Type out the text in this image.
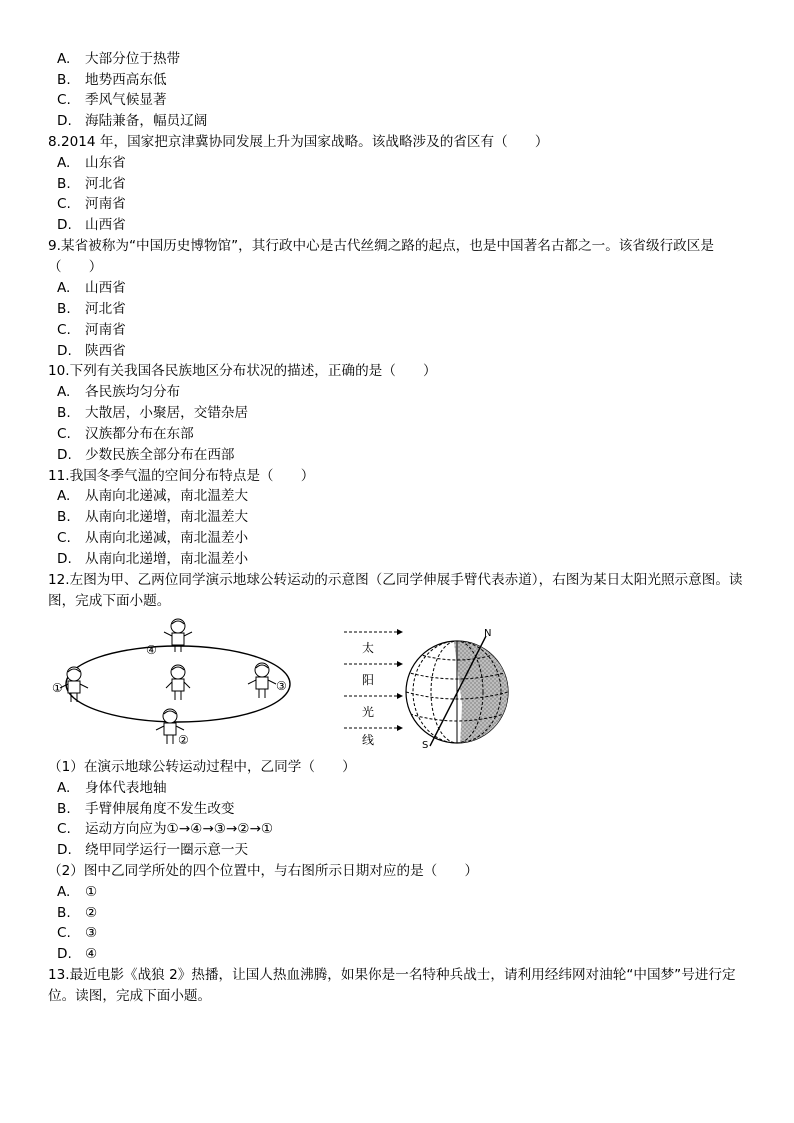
A. 大部分位于热带
B. 地势西高东低
C. 季风气候显著
D. 海陆兼备，幅员辽阔
8.2014 年，国家把京津冀协同发展上升为国家战略。该战略涉及的省区有（　　）
A. 山东省
B. 河北省
C. 河南省
D. 山西省
9.某省被称为“中国历史博物馆”，其行政中心是古代丝绸之路的起点，也是中国著名古都之一。该省级行政区是（　　）
A. 山西省
B. 河北省
C. 河南省
D. 陕西省
10.下列有关我国各民族地区分布状况的描述，正确的是（　　）
A. 各民族均匀分布
B. 大散居，小聚居，交错杂居
C. 汉族都分布在东部
D. 少数民族全部分布在西部
11.我国冬季气温的空间分布特点是（　　）
A. 从南向北递减，南北温差大
B. 从南向北递增，南北温差大
C. 从南向北递减，南北温差小
D. 从南向北递增，南北温差小
12.左图为甲、乙两位同学演示地球公转运动的示意图（乙同学伸展手臂代表赤道），右图为某日太阳光照示意图。读图，完成下面小题。
①
②
③
④	太
阳
光
线
N
S
（1）在演示地球公转运动过程中，乙同学（　　）
A. 身体代表地轴
B. 手臂伸展角度不发生改变
C. 运动方向应为①→④→③→②→①
D. 绕甲同学运行一圈示意一天
（2）图中乙同学所处的四个位置中，与右图所示日期对应的是（　　）
A. ①
B. ②
C. ③
D. ④
13.最近电影《战狼 2》热播，让国人热血沸腾，如果你是一名特种兵战士，请利用经纬网对油轮“中国梦”号进行定位。读图，完成下面小题。
